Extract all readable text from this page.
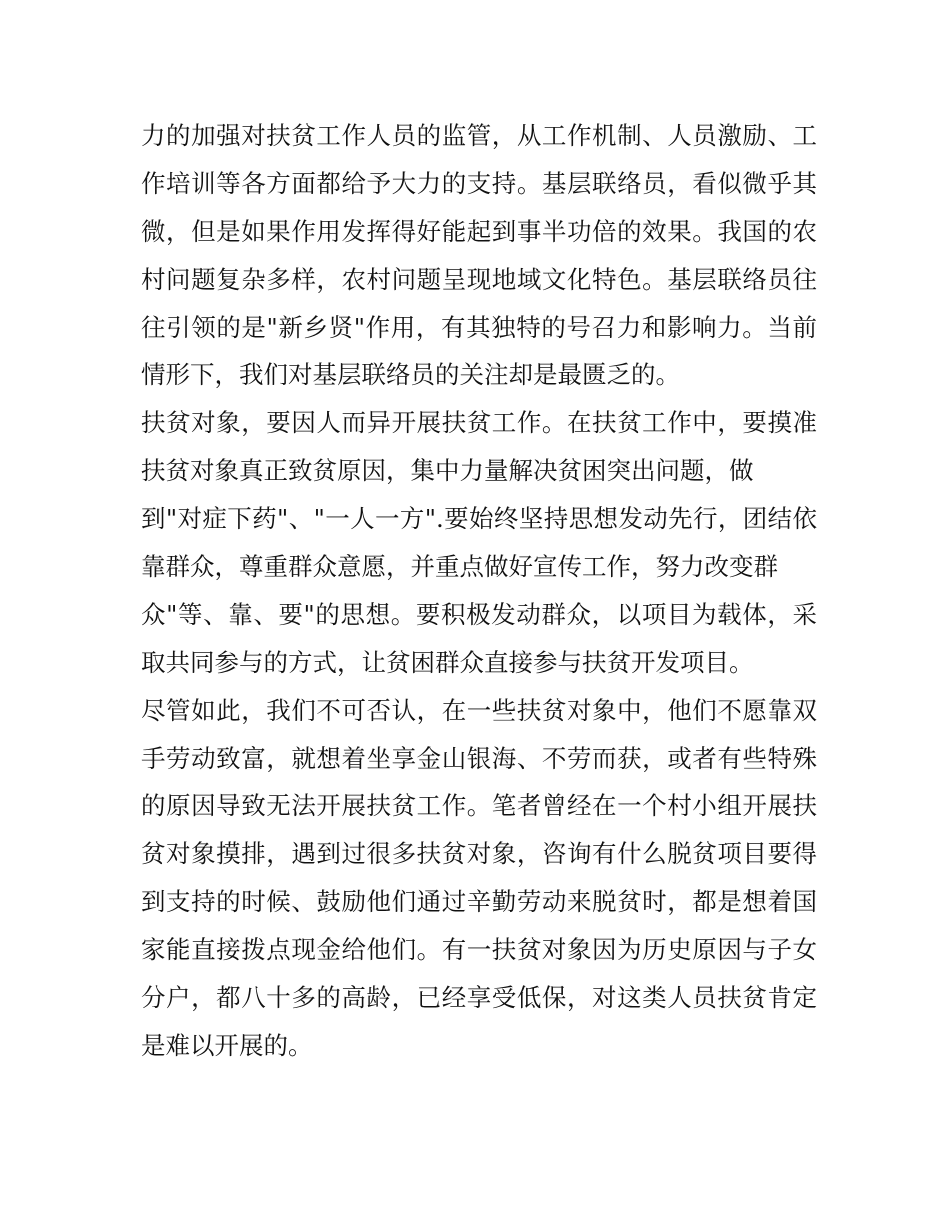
力的加强对扶贫工作人员的监管，从工作机制、人员激励、工
作培训等各方面都给予大力的支持。基层联络员，看似微乎其
微，但是如果作用发挥得好能起到事半功倍的效果。我国的农
村问题复杂多样，农村问题呈现地域文化特色。基层联络员往
往引领的是"新乡贤"作用，有其独特的号召力和影响力。当前
情形下，我们对基层联络员的关注却是最匮乏的。
扶贫对象，要因人而异开展扶贫工作。在扶贫工作中，要摸准
扶贫对象真正致贫原因，集中力量解决贫困突出问题，做
到"对症下药"、"一人一方".要始终坚持思想发动先行，团结依
靠群众，尊重群众意愿，并重点做好宣传工作，努力改变群
众"等、靠、要"的思想。要积极发动群众，以项目为载体，采
取共同参与的方式，让贫困群众直接参与扶贫开发项目。
尽管如此，我们不可否认，在一些扶贫对象中，他们不愿靠双
手劳动致富，就想着坐享金山银海、不劳而获，或者有些特殊
的原因导致无法开展扶贫工作。笔者曾经在一个村小组开展扶
贫对象摸排，遇到过很多扶贫对象，咨询有什么脱贫项目要得
到支持的时候、鼓励他们通过辛勤劳动来脱贫时，都是想着国
家能直接拨点现金给他们。有一扶贫对象因为历史原因与子女
分户，都八十多的高龄，已经享受低保，对这类人员扶贫肯定
是难以开展的。
